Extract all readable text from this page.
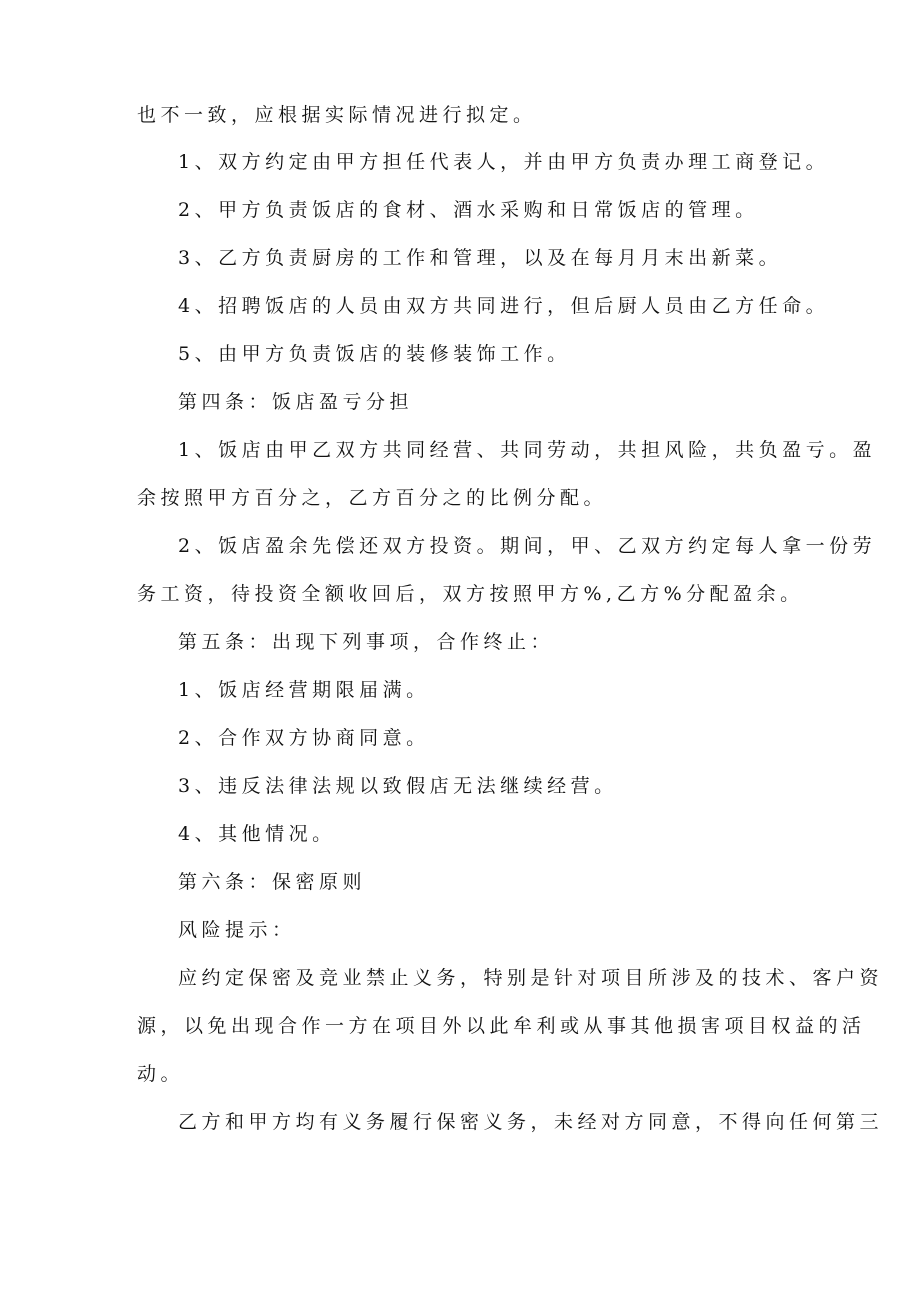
也不一致，应根据实际情况进行拟定。
1、双方约定由甲方担任代表人，并由甲方负责办理工商登记。
2、甲方负责饭店的食材、酒水采购和日常饭店的管理。
3、乙方负责厨房的工作和管理，以及在每月月末出新菜。
4、招聘饭店的人员由双方共同进行，但后厨人员由乙方任命。
5、由甲方负责饭店的装修装饰工作。
第四条：饭店盈亏分担
1、饭店由甲乙双方共同经营、共同劳动，共担风险，共负盈亏。盈
余按照甲方百分之，乙方百分之的比例分配。
2、饭店盈余先偿还双方投资。期间，甲、乙双方约定每人拿一份劳
务工资，待投资全额收回后，双方按照甲方%,乙方%分配盈余。
第五条：出现下列事项，合作终止：
1、饭店经营期限届满。
2、合作双方协商同意。
3、违反法律法规以致假店无法继续经营。
4、其他情况。
第六条：保密原则
风险提示：
应约定保密及竞业禁止义务，特别是针对项目所涉及的技术、客户资
源，以免出现合作一方在项目外以此牟利或从事其他损害项目权益的活
动。
乙方和甲方均有义务履行保密义务，未经对方同意，不得向任何第三
